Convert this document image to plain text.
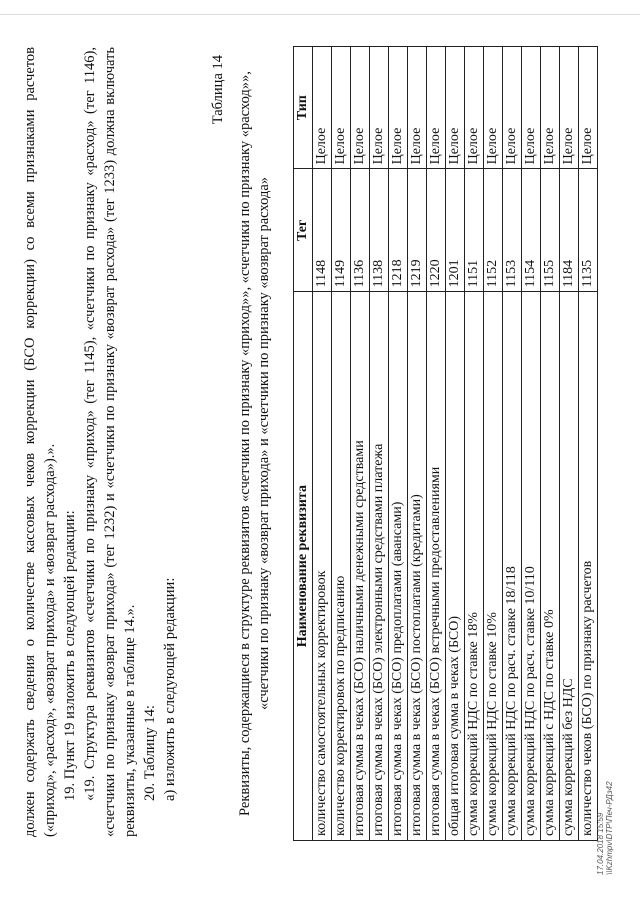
должен содержать сведения о количестве кассовых чеков коррекции (БСО коррекции) со всеми признаками расчетов («приход», «расход», «возврат прихода» и «возврат расхода»).». 19. Пункт 19 изложить в следующей редакции: «19. Структура реквизитов «счетчики по признаку «приход» (тег 1145), «счетчики по признаку «расход» (тег 1146), «счетчики по признаку «возврат прихода» (тег 1232) и «счетчики по признаку «возврат расхода» (тег 1233) должна включать реквизиты, указанные в таблице 14.». 20. Таблицу 14: а) изложить в следующей редакции:

Таблица 14 Реквизиты, содержащиеся в структуре реквизитов «счетчики по признаку «приход»», «счетчики по признаку «расход»», «счетчики по признаку «возврат прихода» и «счетчики по признаку «возврат расхода» Наименование реквизита	Тег	Тип
количество самостоятельных корректировок	1148	Целое
количество корректировок по предписанию	1149	Целое
итоговая сумма в чеках (БСО) наличными денежными средствами	1136	Целое
итоговая сумма в чеках (БСО) электронными средствами платежа	1138	Целое
итоговая сумма в чеках (БСО) предоплатами (авансами)	1218	Целое
итоговая сумма в чеках (БСО) постоплатами (кредитами)	1219	Целое
итоговая сумма в чеках (БСО) встречными предоставлениями	1220	Целое
общая итоговая сумма в чеках (БСО)	1201	Целое
сумма коррекций НДС по ставке 18%	1151	Целое
сумма коррекций НДС по ставке 10%	1152	Целое
сумма коррекций НДС по расч. ставке 18/118	1153	Целое
сумма коррекций НДС по расч. ставке 10/110	1154	Целое
сумма коррекций с НДС по ставке 0%	1155	Целое
сумма коррекций без НДС	1184	Целое
количество чеков (БСО) по признаку расчетов	1135	Целое
17.04.2018 15:59 \\Kzhmpv\DTP\Печ-РДз42
